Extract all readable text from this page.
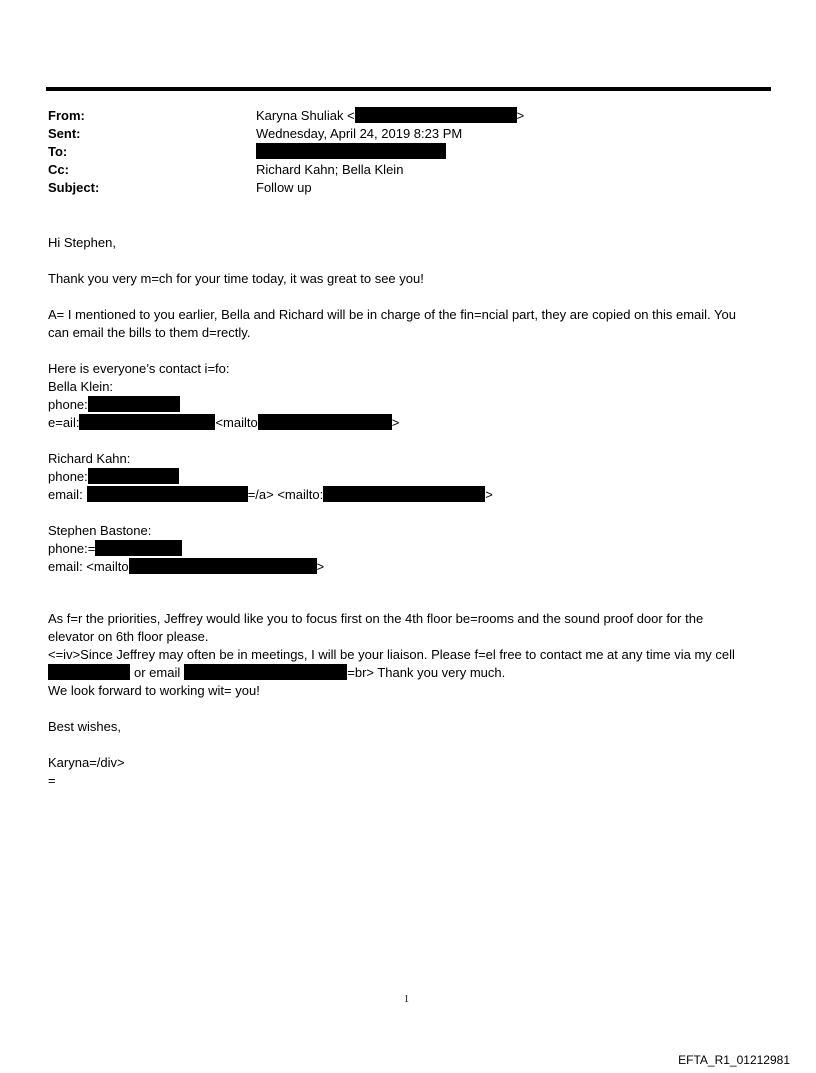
From:	Karyna Shuliak <	>
Sent:	Wednesday, April 24, 2019 8:23 PM
To:
Cc:	Richard Kahn; Bella Klein
Subject:	Follow up
Hi Stephen,
Thank you very m=ch for your time today, it was great to see you!
A= I mentioned to you earlier, Bella and Richard will be in charge of the fin=ncial part, they are copied on this email. You
can email the bills to them d=rectly.
Here is everyone’s contact i=fo:
Bella Klein:
phone:
e=ail:	<mailto	>
Richard Kahn:
phone:
email:	=/a> <mailto:	>
Stephen Bastone:
phone:=
email: <mailto	>
As f=r the priorities, Jeffrey would like you to focus first on the 4th floor be=rooms and the sound proof door for the
elevator on 6th floor please.
<=iv>Since Jeffrey may often be in meetings, I will be your liaison. Please f=el free to contact me at any time via my cell
or email	=br> Thank you very much.
We look forward to working wit= you!
Best wishes,
Karyna=/div>
=
1
EFTA_R1_01212981
